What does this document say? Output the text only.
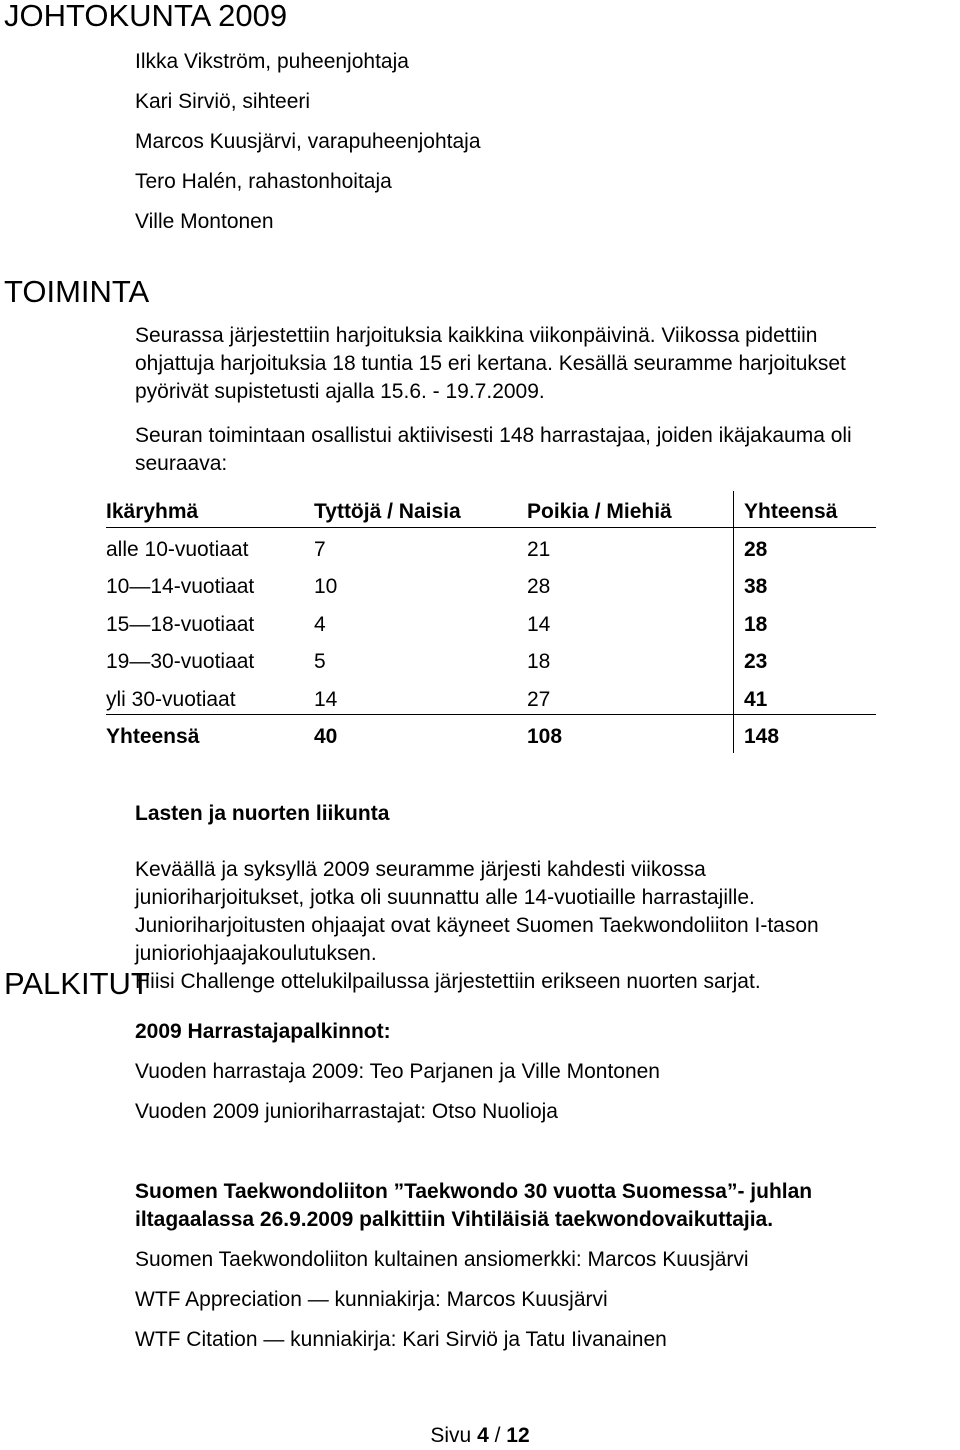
JOHTOKUNTA 2009

Ilkka Vikström, puheenjohtaja

Kari Sirviö, sihteeri

Marcos Kuusjärvi, varapuheenjohtaja

Tero Halén, rahastonhoitaja

Ville Montonen

TOIMINTA

Seurassa järjestettiin harjoituksia kaikkina viikonpäivinä. Viikossa pidettiin
ohjattuja harjoituksia 18 tuntia 15 eri kertana. Kesällä seuramme harjoitukset
pyörivät supistetusti ajalla 15.6. - 19.7.2009.

Seuran toimintaan osallistui aktiivisesti 148 harrastajaa, joiden ikäjakauma oli
seuraava:

Ikäryhmä	Tyttöjä / Naisia	Poikia / Miehiä	Yhteensä
alle 10-vuotiaat	7	21	28
10—14-vuotiaat	10	28	38
15—18-vuotiaat	4	14	18
19—30-vuotiaat	5	18	23
yli 30-vuotiaat	14	27	41
Yhteensä	40	108	148

Lasten ja nuorten liikunta

Keväällä ja syksyllä 2009 seuramme järjesti kahdesti viikossa
junioriharjoitukset, jotka oli suunnattu alle 14-vuotiaille harrastajille.
Junioriharjoitusten ohjaajat ovat käyneet Suomen Taekwondoliiton I-tason
junioriohjaajakoulutuksen.
Hiisi Challenge ottelukilpailussa järjestettiin erikseen nuorten sarjat.

PALKITUT

2009 Harrastajapalkinnot:

Vuoden harrastaja 2009: Teo Parjanen ja Ville Montonen

Vuoden 2009 junioriharrastajat: Otso Nuolioja

Suomen Taekwondoliiton ”Taekwondo 30 vuotta Suomessa”- juhlan
iltagaalassa 26.9.2009 palkittiin Vihtiläisiä taekwondovaikuttajia.

Suomen Taekwondoliiton kultainen ansiomerkki: Marcos Kuusjärvi

WTF Appreciation — kunniakirja: Marcos Kuusjärvi

WTF Citation — kunniakirja: Kari Sirviö ja Tatu Iivanainen

Sivu 4 / 12
